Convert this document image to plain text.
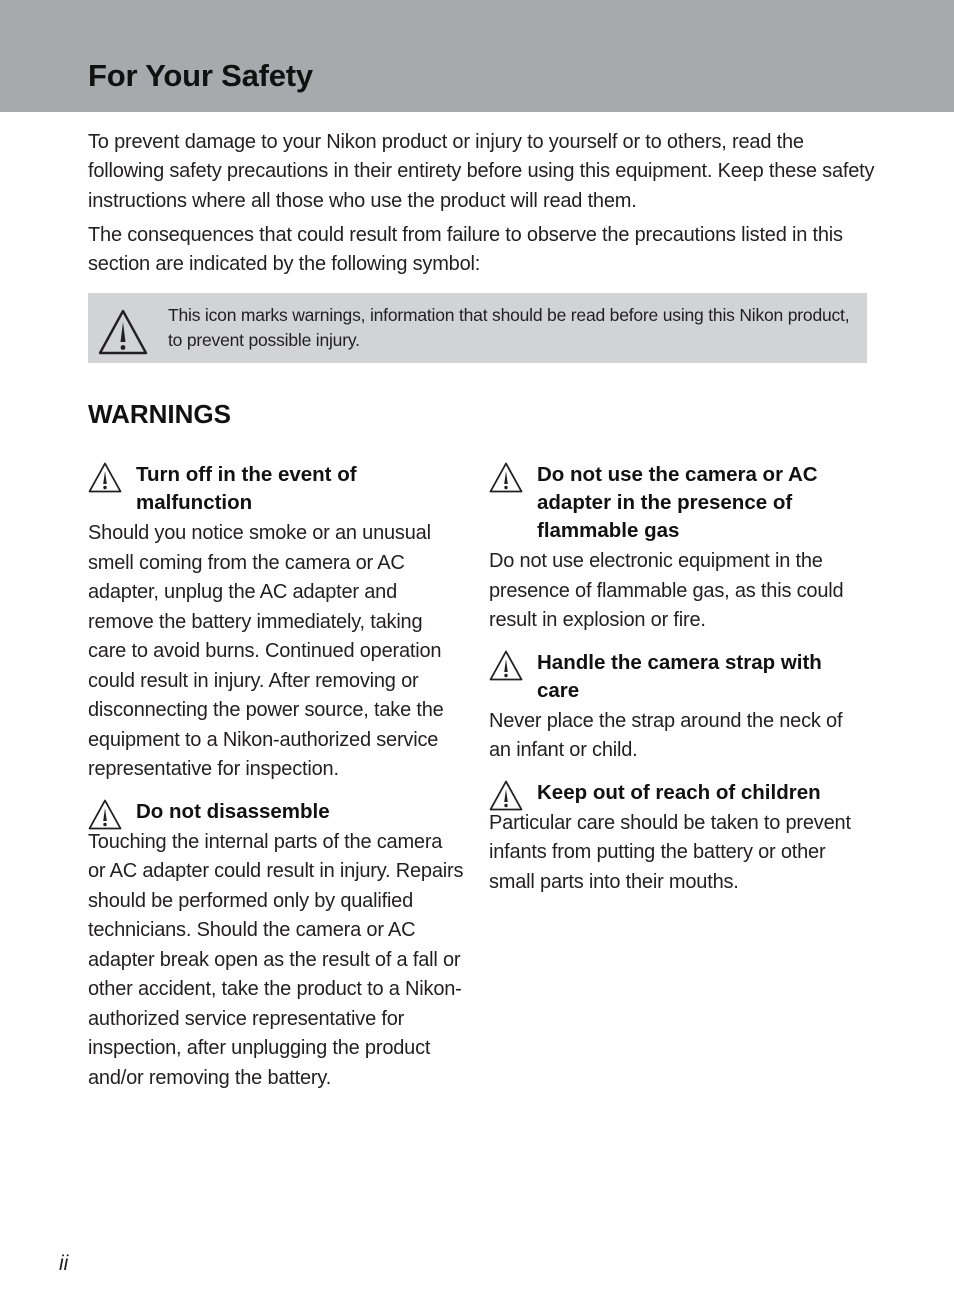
For Your Safety

To prevent damage to your Nikon product or injury to yourself or to others, read the following safety precautions in their entirety before using this equipment. Keep these safety instructions where all those who use the product will read them.

The consequences that could result from failure to observe the precautions listed in this section are indicated by the following symbol:

This icon marks warnings, information that should be read before using this Nikon product, to prevent possible injury.
WARNINGS
Turn off in the event of malfunction

Should you notice smoke or an unusual smell coming from the camera or AC adapter, unplug the AC adapter and remove the battery immediately, taking care to avoid burns. Continued operation could result in injury. After removing or disconnecting the power source, take the equipment to a Nikon-authorized service representative for inspection.

Do not disassemble

Touching the internal parts of the camera or AC adapter could result in injury. Repairs should be performed only by qualified technicians. Should the camera or AC adapter break open as the result of a fall or other accident, take the product to a Nikon-authorized service representative for inspection, after unplugging the product and/or removing the battery.

Do not use the camera or AC adapter in the presence of flammable gas

Do not use electronic equipment in the presence of flammable gas, as this could result in explosion or fire.

Handle the camera strap with care

Never place the strap around the neck of an infant or child.

Keep out of reach of children

Particular care should be taken to prevent infants from putting the battery or other small parts into their mouths.

ii
